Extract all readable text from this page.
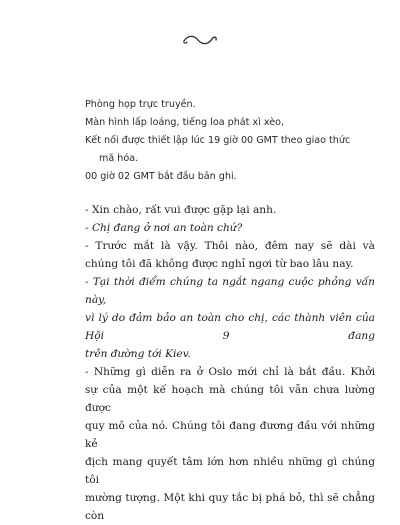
Phòng họp trực truyền.
Màn hình lấp loáng, tiếng loa phát xì xèo,
Kết nối được thiết lập lúc 19 giờ 00 GMT theo giao thức
mã hóa.
00 giờ 02 GMT bắt đầu bản ghi.
- Xin chào, rất vui được gặp lại anh.
- Chị đang ở nơi an toàn chứ?
- Trước mắt là vậy. Thôi nào, đêm nay sẽ dài và
chúng tôi đã không được nghỉ ngơi từ bao lâu nay.
- Tại thời điểm chúng ta ngắt ngang cuộc phỏng vấn này,
vì lý do đảm bảo an toàn cho chị, các thành viên của Hội 9 đang
trên đường tới Kiev.
- Những gì diễn ra ở Oslo mới chỉ là bắt đầu. Khởi
sự của một kế hoạch mà chúng tôi vẫn chưa lường được
quy mô của nó. Chúng tôi đang đương đầu với những kẻ
địch mang quyết tâm lớn hơn nhiều những gì chúng tôi
mường tượng. Một khi quy tắc bị phá bỏ, thì sẽ chẳng còn
